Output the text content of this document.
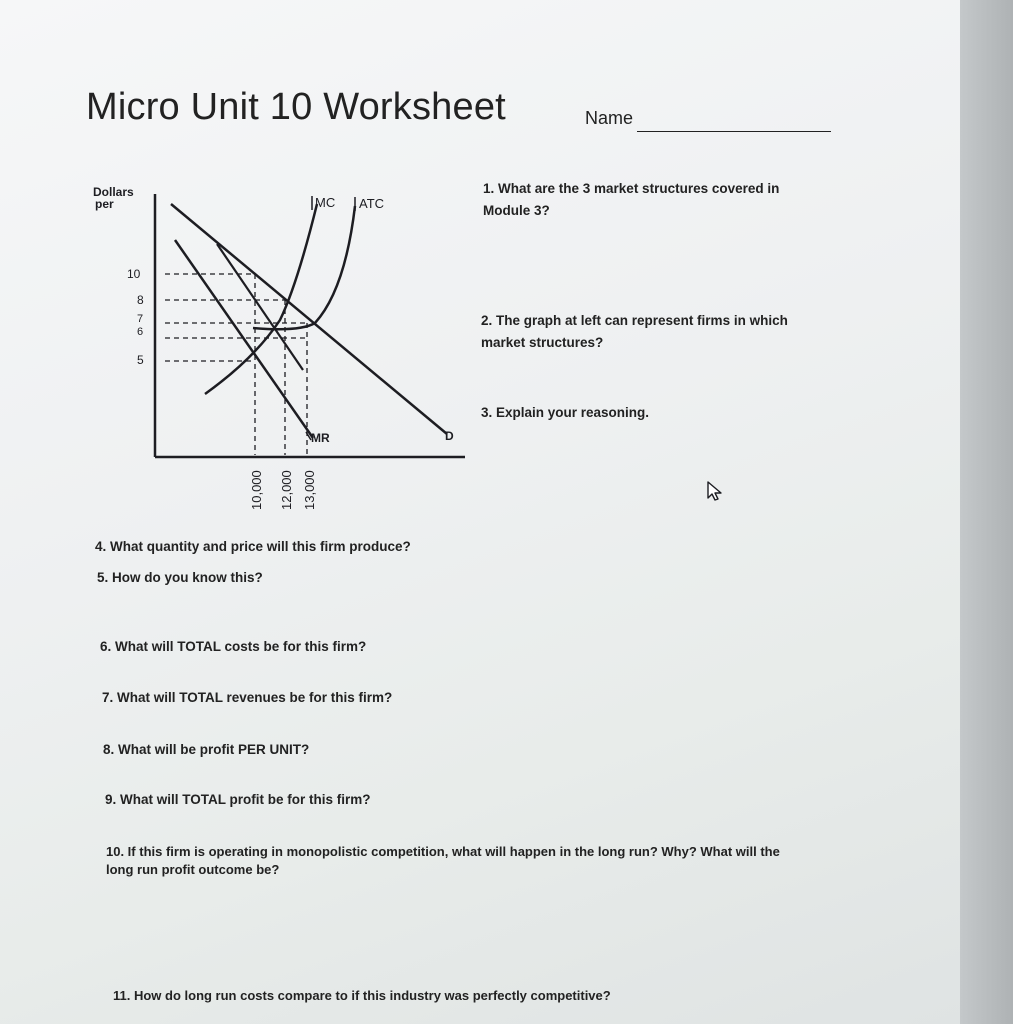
Micro Unit 10 Worksheet	Name
1. What are the 3 market structures covered in Module 3?
2. The graph at left can represent firms in which market structures?
3. Explain your reasoning.
4. What quantity and price will this firm produce?
5. How do you know this?
6. What will TOTAL costs be for this firm?
7. What will TOTAL revenues be for this firm?
8. What will be profit PER UNIT?
9. What will TOTAL profit be for this firm?
10. If this firm is operating in monopolistic competition, what will happen in the long run? Why? What will the long run profit outcome be?
11. How do long run costs compare to if this industry was perfectly competitive?
Dollars per	MC ATC
MR	D
10
8
7
6
5
10,000 12,000 13,000
